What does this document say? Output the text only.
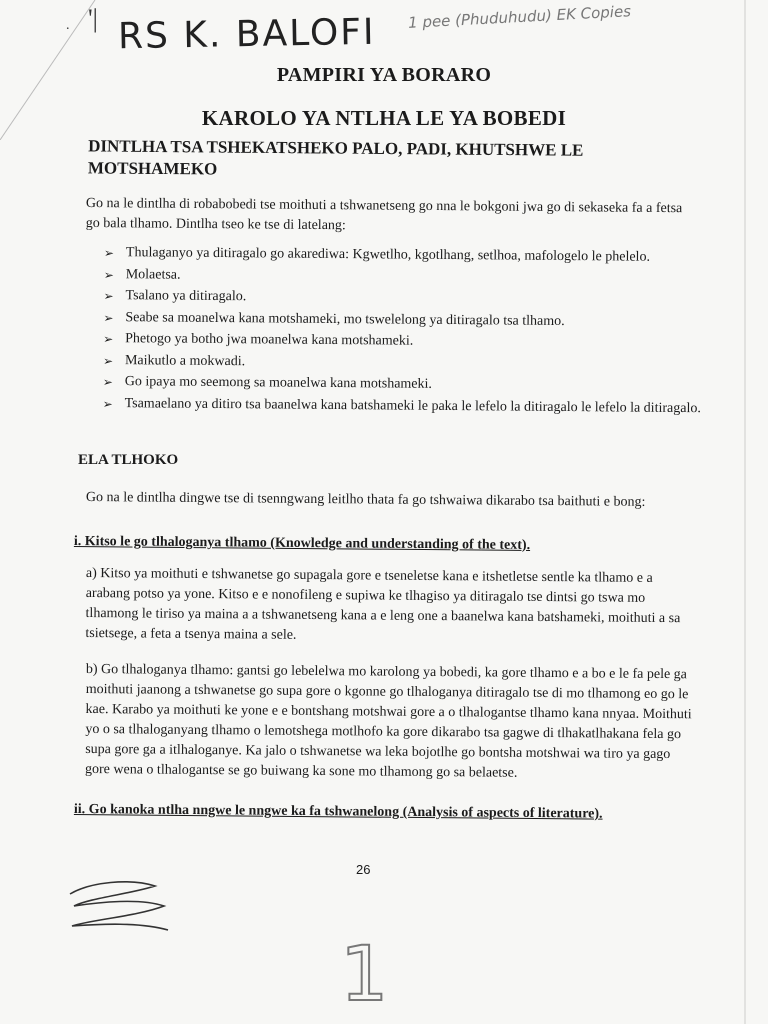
. '| RS K. BALOFI 1 pee (Phuduhudu) EK Copies
PAMPIRI YA BORARO
KAROLO YA NTLHA LE YA BOBEDI
DINTLHA TSA TSHEKATSHEKO PALO, PADI, KHUTSHWE LE MOTSHAMEKO
Go na le dintlha di robabobedi tse moithuti a tshwanetseng go nna le bokgoni jwa go di sekaseka fa a fetsa go bala tlhamo. Dintlha tseo ke tse di latelang:
➢ Thulaganyo ya ditiragalo go akarediwa: Kgwetlho, kgotlhang, setlhoa, mafologelo le phelelo.
➢ Molaetsa.
➢ Tsalano ya ditiragalo.
➢ Seabe sa moanelwa kana motshameki, mo tswelelong ya ditiragalo tsa tlhamo.
➢ Phetogo ya botho jwa moanelwa kana motshameki.
➢ Maikutlo a mokwadi.
➢ Go ipaya mo seemong sa moanelwa kana motshameki.
➢ Tsamaelano ya ditiro tsa baanelwa kana batshameki le paka le lefelo la ditiragalo le lefelo la ditiragalo.
ELA TLHOKO
Go na le dintlha dingwe tse di tsenngwang leitlho thata fa go tshwaiwa dikarabo tsa baithuti e bong:
i. Kitso le go tlhaloganya tlhamo (Knowledge and understanding of the text).
a) Kitso ya moithuti e tshwanetse go supagala gore e tseneletse kana e itshetletse sentle ka tlhamo e a arabang potso ya yone. Kitso e e nonofileng e supiwa ke tlhagiso ya ditiragalo tse dintsi go tswa mo tlhamong le tiriso ya maina a a tshwanetseng kana a e leng one a baanelwa kana batshameki, moithuti a sa tsietsege, a feta a tsenya maina a sele.
b) Go tlhaloganya tlhamo: gantsi go lebelelwa mo karolong ya bobedi, ka gore tlhamo e a bo e le fa pele ga moithuti jaanong a tshwanetse go supa gore o kgonne go tlhaloganya ditiragalo tse di mo tlhamong eo go le kae. Karabo ya moithuti ke yone e e bontshang motshwai gore a o tlhalogantse tlhamo kana nnyaa. Moithuti yo o sa tlhaloganyang tlhamo o lemotshega motlhofo ka gore dikarabo tsa gagwe di tlhakatlhakana fela go supa gore ga a itlhaloganye. Ka jalo o tshwanetse wa leka bojotlhe go bontsha motshwai wa tiro ya gago gore wena o tlhalogantse se go buiwang ka sone mo tlhamong go sa belaetse.
ii. Go kanoka ntlha nngwe le nngwe ka fa tshwanelong (Analysis of aspects of literature).
26
1
